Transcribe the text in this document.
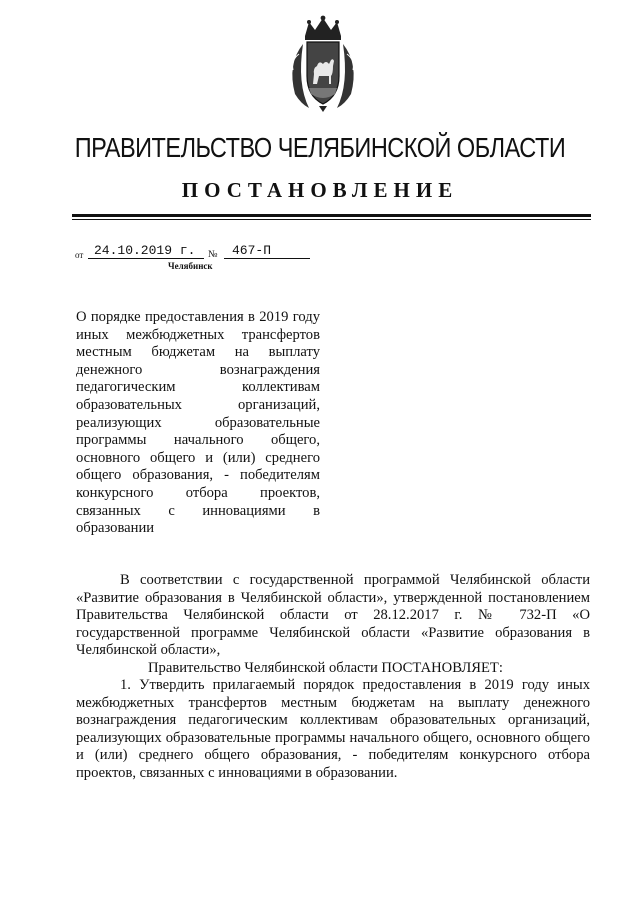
ПРАВИТЕЛЬСТВО ЧЕЛЯБИНСКОЙ ОБЛАСТИ
ПОСТАНОВЛЕНИЕ
от 24.10.2019 г.	№	467-П
Челябинск
О порядке предоставления в 2019 году иных межбюджетных трансфертов местным бюджетам на выплату денежного вознаграждения педагогическим коллективам образовательных организаций, реализующих образовательные программы начального общего, основного общего и (или) среднего общего образования, - победителям конкурсного отбора проектов, связанных с инновациями в образовании
В соответствии с государственной программой Челябинской области «Развитие образования в Челябинской области», утвержденной постановлением Правительства Челябинской области от 28.12.2017 г. № 732-П «О государственной программе Челябинской области «Развитие образования в Челябинской области»,
Правительство Челябинской области ПОСТАНОВЛЯЕТ:
1. Утвердить прилагаемый порядок предоставления в 2019 году иных межбюджетных трансфертов местным бюджетам на выплату денежного вознаграждения педагогическим коллективам образовательных организаций, реализующих образовательные программы начального общего, основного общего и (или) среднего общего образования, - победителям конкурсного отбора проектов, связанных с инновациями в образовании.
